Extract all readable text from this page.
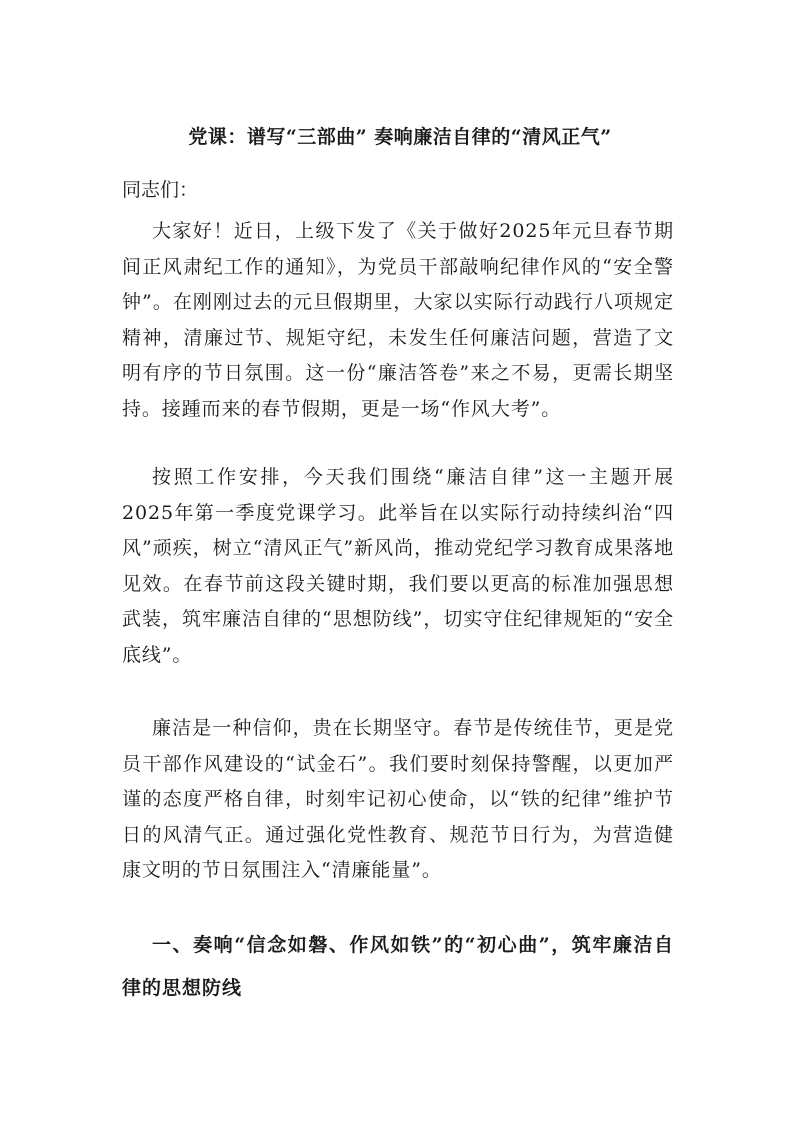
党课：谱写“三部曲” 奏响廉洁自律的“清风正气”
同志们：
大家好！近日，上级下发了《关于做好2025年元旦春节期间正风肃纪工作的通知》，为党员干部敲响纪律作风的“安全警钟”。在刚刚过去的元旦假期里，大家以实际行动践行八项规定精神，清廉过节、规矩守纪，未发生任何廉洁问题，营造了文明有序的节日氛围。这一份“廉洁答卷”来之不易，更需长期坚持。接踵而来的春节假期，更是一场“作风大考”。
按照工作安排，今天我们围绕“廉洁自律”这一主题开展2025年第一季度党课学习。此举旨在以实际行动持续纠治“四风”顽疾，树立“清风正气”新风尚，推动党纪学习教育成果落地见效。在春节前这段关键时期，我们要以更高的标准加强思想武装，筑牢廉洁自律的“思想防线”，切实守住纪律规矩的“安全底线”。
廉洁是一种信仰，贵在长期坚守。春节是传统佳节，更是党员干部作风建设的“试金石”。我们要时刻保持警醒，以更加严谨的态度严格自律，时刻牢记初心使命，以“铁的纪律”维护节日的风清气正。通过强化党性教育、规范节日行为，为营造健康文明的节日氛围注入“清廉能量”。
一、奏响“信念如磐、作风如铁”的“初心曲”，筑牢廉洁自律的思想防线
